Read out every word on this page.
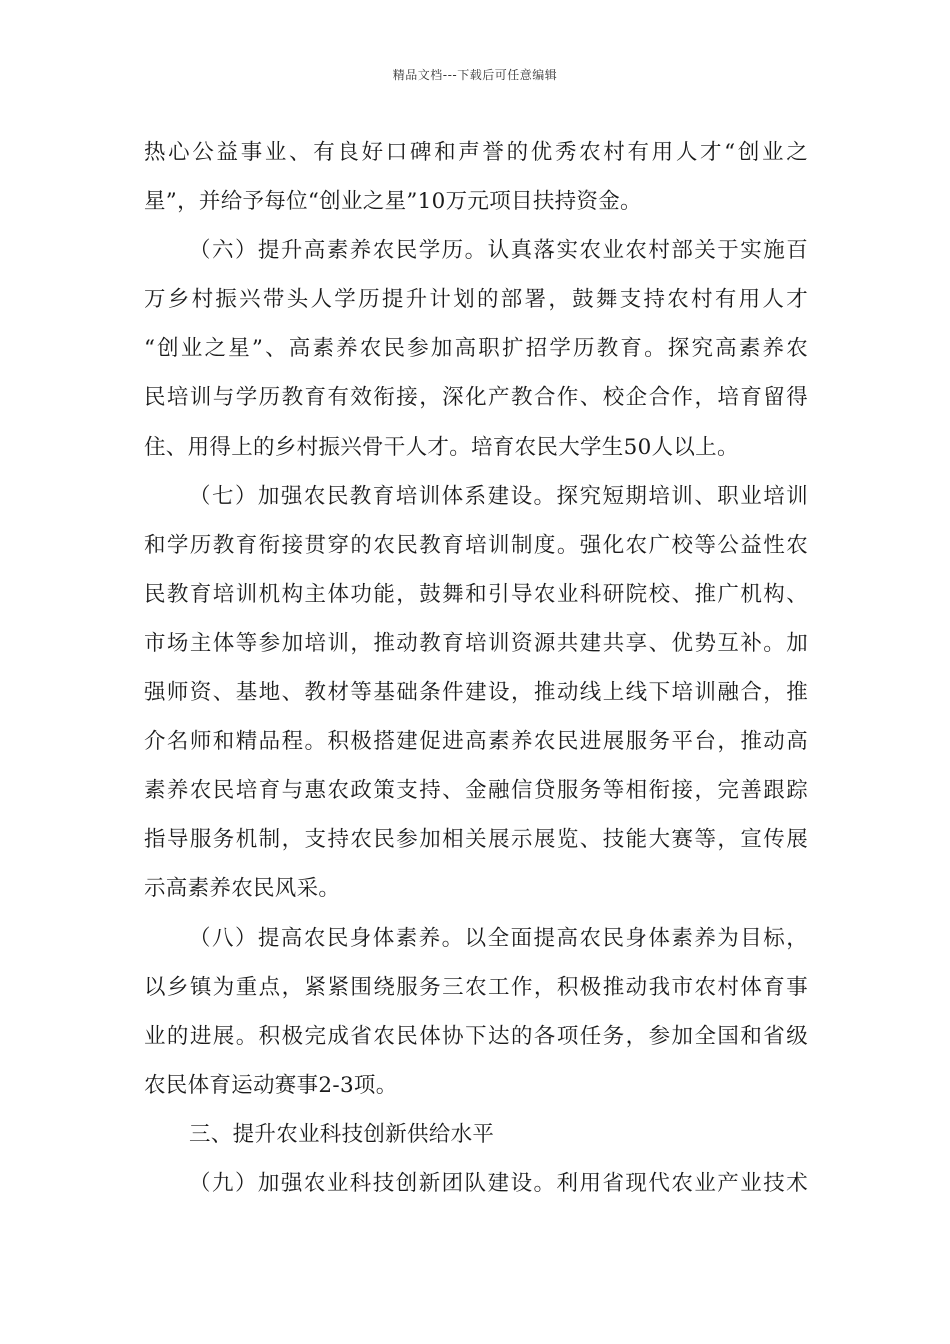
精品文档---下载后可任意编辑
热心公益事业、有良好口碑和声誉的优秀农村有用人才“创业之
星”，并给予每位“创业之星”10万元项目扶持资金。
（六）提升高素养农民学历。认真落实农业农村部关于实施百
万乡村振兴带头人学历提升计划的部署，鼓舞支持农村有用人才
“创业之星”、高素养农民参加高职扩招学历教育。探究高素养农
民培训与学历教育有效衔接，深化产教合作、校企合作，培育留得
住、用得上的乡村振兴骨干人才。培育农民大学生50人以上。
（七）加强农民教育培训体系建设。探究短期培训、职业培训
和学历教育衔接贯穿的农民教育培训制度。强化农广校等公益性农
民教育培训机构主体功能，鼓舞和引导农业科研院校、推广机构、
市场主体等参加培训，推动教育培训资源共建共享、优势互补。加
强师资、基地、教材等基础条件建设，推动线上线下培训融合，推
介名师和精品程。积极搭建促进高素养农民进展服务平台，推动高
素养农民培育与惠农政策支持、金融信贷服务等相衔接，完善跟踪
指导服务机制，支持农民参加相关展示展览、技能大赛等，宣传展
示高素养农民风采。
（八）提高农民身体素养。以全面提高农民身体素养为目标，
以乡镇为重点，紧紧围绕服务三农工作，积极推动我市农村体育事
业的进展。积极完成省农民体协下达的各项任务，参加全国和省级
农民体育运动赛事2-3项。
三、提升农业科技创新供给水平
（九）加强农业科技创新团队建设。利用省现代农业产业技术
